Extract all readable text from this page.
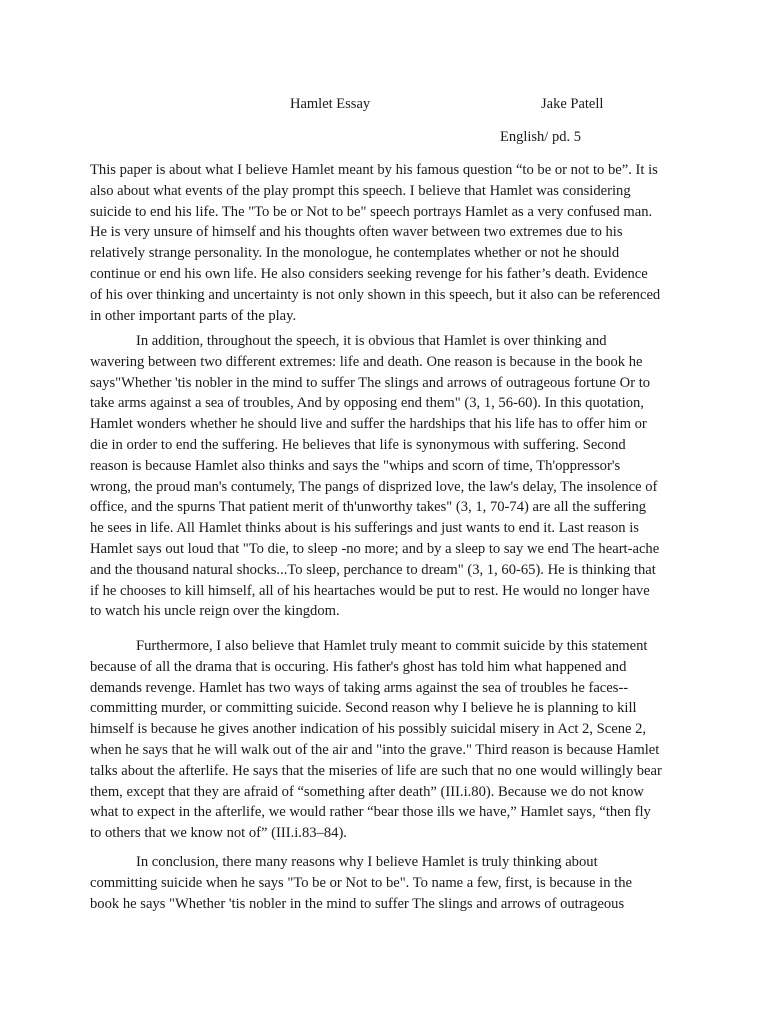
Hamlet Essay	Jake Patell
English/ pd. 5

This paper is about what I believe Hamlet meant by his famous question “to be or not to be”. It is also about what events of the play prompt this speech. I believe that Hamlet was considering suicide to end his life. The "To be or Not to be" speech portrays Hamlet as a very confused man. He is very unsure of himself and his thoughts often waver between two extremes due to his relatively strange personality. In the monologue, he contemplates whether or not he should continue or end his own life. He also considers seeking revenge for his father’s death. Evidence of his over thinking and uncertainty is not only shown in this speech, but it also can be referenced in other important parts of the play.

In addition, throughout the speech, it is obvious that Hamlet is over thinking and wavering between two different extremes: life and death. One reason is because in the book he says"Whether 'tis nobler in the mind to suffer The slings and arrows of outrageous fortune Or to take arms against a sea of troubles, And by opposing end them" (3, 1, 56-60). In this quotation, Hamlet wonders whether he should live and suffer the hardships that his life has to offer him or die in order to end the suffering. He believes that life is synonymous with suffering. Second reason is because Hamlet also thinks and says the "whips and scorn of time, Th'oppressor's wrong, the proud man's contumely, The pangs of disprized love, the law's delay, The insolence of office, and the spurns That patient merit of th'unworthy takes" (3, 1, 70-74) are all the suffering he sees in life. All Hamlet thinks about is his sufferings and just wants to end it. Last reason is Hamlet says out loud that "To die, to sleep -no more; and by a sleep to say we end The heart-ache and the thousand natural shocks...To sleep, perchance to dream" (3, 1, 60-65). He is thinking that if he chooses to kill himself, all of his heartaches would be put to rest. He would no longer have to watch his uncle reign over the kingdom.

Furthermore, I also believe that Hamlet truly meant to commit suicide by this statement because of all the drama that is occuring. His father's ghost has told him what happened and demands revenge. Hamlet has two ways of taking arms against the sea of troubles he faces--committing murder, or committing suicide. Second reason why I believe he is planning to kill himself is because he gives another indication of his possibly suicidal misery in Act 2, Scene 2, when he says that he will walk out of the air and "into the grave." Third reason is because Hamlet talks about the afterlife. He says that the miseries of life are such that no one would willingly bear them, except that they are afraid of “something after death” (III.i.80). Because we do not know what to expect in the afterlife, we would rather “bear those ills we have,” Hamlet says, “then fly to others that we know not of” (III.i.83–84).

In conclusion, there many reasons why I believe Hamlet is truly thinking about committing suicide when he says "To be or Not to be". To name a few, first, is because in the book he says "Whether 'tis nobler in the mind to suffer The slings and arrows of outrageous
